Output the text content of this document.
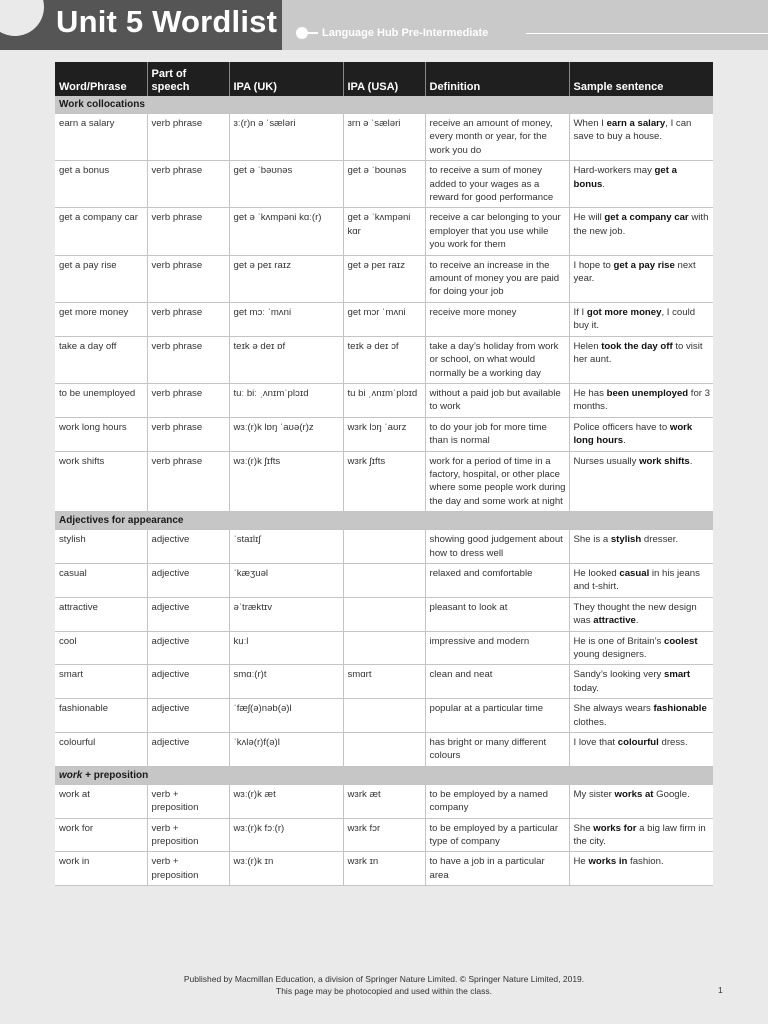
Unit 5 Wordlist	Language Hub Pre-Intermediate
Word/Phrase	Part of speech	IPA (UK)	IPA (USA)	Definition	Sample sentence
Work collocations					
earn a salary	verb phrase	ɜː(r)n ə ˈsæləri	ɜrn ə ˈsæləri	receive an amount of money, every month or year, for the work you do	When I earn a salary, I can save to buy a house.
get a bonus	verb phrase	ɡet ə ˈbəʊnəs	ɡet ə ˈboʊnəs	to receive a sum of money added to your wages as a reward for good performance	Hard-workers may get a bonus.
get a company car	verb phrase	ɡet ə ˈkʌmpəni kɑː(r)	ɡet ə ˈkʌmpəni kɑr	receive a car belonging to your employer that you use while you work for them	He will get a company car with the new job.
get a pay rise	verb phrase	ɡet ə peɪ raɪz	ɡet ə peɪ raɪz	to receive an increase in the amount of money you are paid for doing your job	I hope to get a pay rise next year.
get more money	verb phrase	ɡet mɔː ˈmʌni	ɡet mɔr ˈmʌni	receive more money	If I got more money, I could buy it.
take a day off	verb phrase	teɪk ə deɪ ɒf	teɪk ə deɪ ɔf	take a day’s holiday from work or school, on what would normally be a working day	Helen took the day off to visit her aunt.
to be unemployed	verb phrase	tuː biː ˌʌnɪmˈplɔɪd	tu bi ˌʌnɪmˈplɔɪd	without a paid job but available to work	He has been unemployed for 3 months.
work long hours	verb phrase	wɜː(r)k lɒŋ ˈaʊə(r)z	wɜrk lɔŋ ˈaʊrz	to do your job for more time than is normal	Police officers have to work long hours.
work shifts	verb phrase	wɜː(r)k ʃɪfts	wɜrk ʃɪfts	work for a period of time in a factory, hospital, or other place where some people work during the day and some work at night	Nurses usually work shifts.
Adjectives for appearance					
stylish	adjective	ˈstaɪlɪʃ		showing good judgement about how to dress well	She is a stylish dresser.
casual	adjective	ˈkæʒuəl		relaxed and comfortable	He looked casual in his jeans and t-shirt.
attractive	adjective	əˈtræktɪv		pleasant to look at	They thought the new design was attractive.
cool	adjective	kuːl		impressive and modern	He is one of Britain’s coolest young designers.
smart	adjective	smɑː(r)t	smɑrt	clean and neat	Sandy’s looking very smart today.
fashionable	adjective	ˈfæʃ(ə)nəb(ə)l		popular at a particular time	She always wears fashionable clothes.
colourful	adjective	ˈkʌlə(r)f(ə)l		has bright or many different colours	I love that colourful dress.
work + preposition					
work at	verb + preposition	wɜː(r)k æt	wɜrk æt	to be employed by a named company	My sister works at Google.
work for	verb + preposition	wɜː(r)k fɔː(r)	wɜrk fɔr	to be employed by a particular type of company	She works for a big law firm in the city.
work in	verb + preposition	wɜː(r)k ɪn	wɜrk ɪn	to have a job in a particular area	He works in fashion.
Published by Macmillan Education, a division of Springer Nature Limited. © Springer Nature Limited, 2019.
This page may be photocopied and used within the class.	1
